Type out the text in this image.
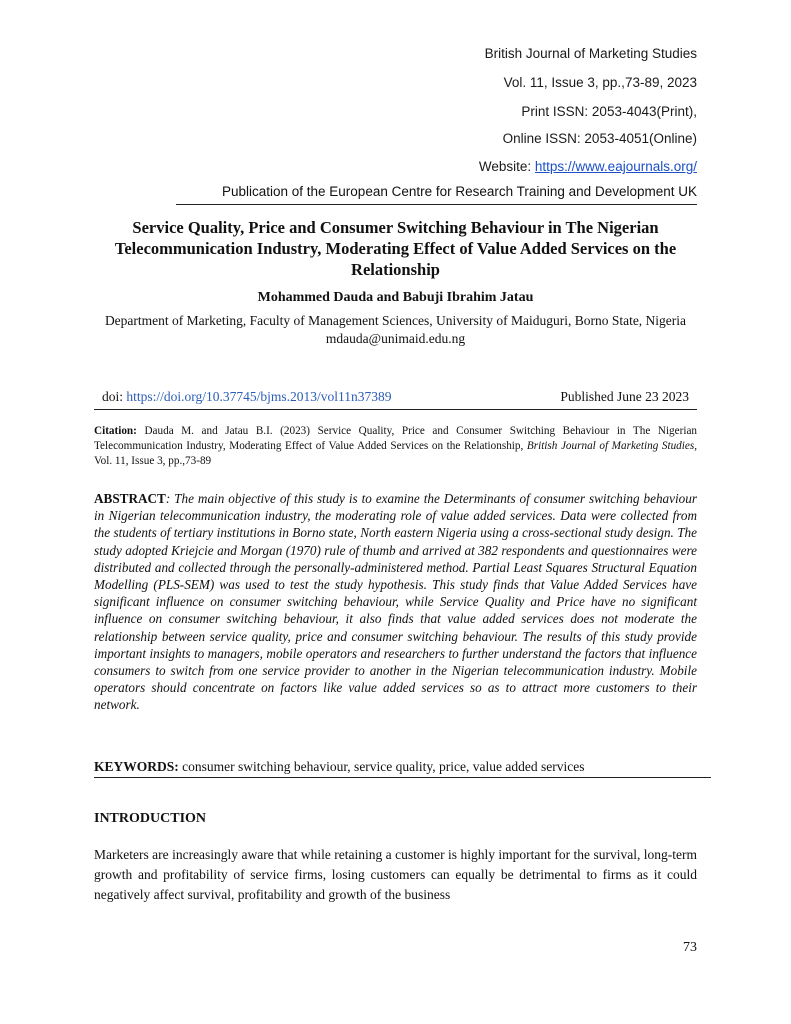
British Journal of Marketing Studies
Vol. 11, Issue 3, pp.,73-89, 2023
Print ISSN: 2053-4043(Print),
Online ISSN: 2053-4051(Online)
Website: https://www.eajournals.org/
Publication of the European Centre for Research Training and Development UK
Service Quality, Price and Consumer Switching Behaviour in The Nigerian Telecommunication Industry, Moderating Effect of Value Added Services on the Relationship
Mohammed Dauda and Babuji Ibrahim Jatau
Department of Marketing, Faculty of Management Sciences, University of Maiduguri, Borno State, Nigeria
mdauda@unimaid.edu.ng
doi: https://doi.org/10.37745/bjms.2013/vol11n37389	Published June 23 2023
Citation: Dauda M. and Jatau B.I. (2023) Service Quality, Price and Consumer Switching Behaviour in The Nigerian Telecommunication Industry, Moderating Effect of Value Added Services on the Relationship, British Journal of Marketing Studies, Vol. 11, Issue 3, pp.,73-89
ABSTRACT: The main objective of this study is to examine the Determinants of consumer switching behaviour in Nigerian telecommunication industry, the moderating role of value added services. Data were collected from the students of tertiary institutions in Borno state, North eastern Nigeria using a cross-sectional study design. The study adopted Kriejcie and Morgan (1970) rule of thumb and arrived at 382 respondents and questionnaires were distributed and collected through the personally-administered method. Partial Least Squares Structural Equation Modelling (PLS-SEM) was used to test the study hypothesis. This study finds that Value Added Services have significant influence on consumer switching behaviour, while Service Quality and Price have no significant influence on consumer switching behaviour, it also finds that value added services does not moderate the relationship between service quality, price and consumer switching behaviour. The results of this study provide important insights to managers, mobile operators and researchers to further understand the factors that influence consumers to switch from one service provider to another in the Nigerian telecommunication industry. Mobile operators should concentrate on factors like value added services so as to attract more customers to their network.
KEYWORDS: consumer switching behaviour, service quality, price, value added services
INTRODUCTION
Marketers are increasingly aware that while retaining a customer is highly important for the survival, long-term growth and profitability of service firms, losing customers can equally be detrimental to firms as it could negatively affect survival, profitability and growth of the business
73
